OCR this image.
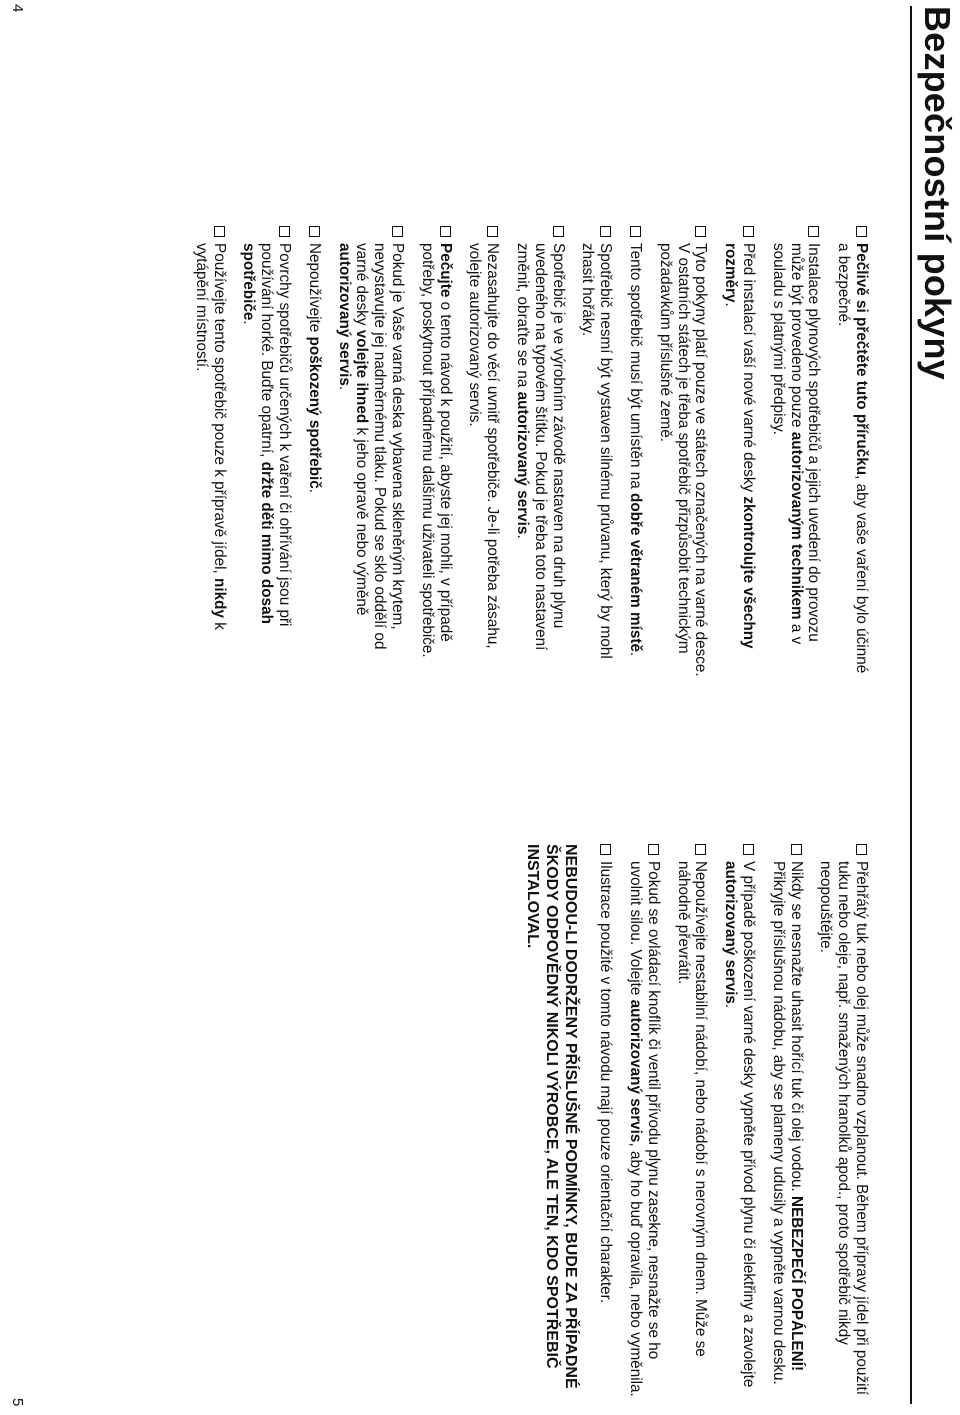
4
5
Bezpečnostní pokyny
Pečlivě si přečtěte tuto příručku, aby vaše vaření bylo účinné a bezpečné.
Instalace plynových spotřebičů a jejich uvedení do provozu může být provedeno pouze autorizovaným technikem a v souladu s platnými předpisy.
Před instalací vaší nové varné desky zkontrolujte všechny rozměry.
Tyto pokyny platí pouze ve státech označených na varné desce. V ostatních státech je třeba spotřebič přizpůsobit technickým požadavkům příslušné země.
Tento spotřebič musí být umístěn na dobře větraném místě.
Spotřebič nesmí být vystaven silnému průvanu, který by mohl zhasit hořáky.
Spotřebič je ve výrobním závodě nastaven na druh plynu uvedeného na typovém štítku. Pokud je třeba toto nastavení změnit, obraťte se na autorizovaný servis.
Nezasahujte do věcí uvnitř spotřebiče. Je-li potřeba zásahu, volejte autorizovaný servis.
Pečujte o tento návod k použití, abyste jej mohli, v případě potřeby, poskytnout případnému dalšímu uživateli spotřebiče.
Pokud je Vaše varná deska vybavena skleněným krytem, nevystavujte jej nadměrnému tlaku. Pokud se sklo oddělí od varné desky volejte ihned k jeho opravě nebo výměně autorizovaný servis.
Nepoužívejte poškozený spotřebič.
Povrchy spotřebičů určených k vaření či ohřívání jsou při používání horké. Buďte opatrní, držte děti mimo dosah spotřebiče.
Používejte tento spotřebič pouze k přípravě jídel, nikdy k vytápění místností.
Přehřátý tuk nebo olej může snadno vzplanout. Během přípravy jídel při použití tuku nebo oleje, např. smažených hranolků apod., proto spotřebič nikdy neopouštějte.
Nikdy se nesnažte uhasit hořící tuk či olej vodou. NEBEZPEČÍ POPÁLENÍ! Přikryjte příslušnou nádobu, aby se plameny udusily a vypněte varnou desku.
V případě poškození varné desky vypněte přívod plynu či elektřiny a zavolejte autorizovaný servis.
Nepoužívejte nestabilní nádobí, nebo nádobí s nerovným dnem. Může se náhodně převrátit.
Pokud se ovládací knoflík či ventil přívodu plynu zasekne, nesnažte se ho uvolnit silou. Volejte autorizovaný servis, aby ho buď opravila, nebo vyměnila.
Ilustrace použité v tomto návodu mají pouze orientační charakter.
NEBUDOU-LI DODRŽENY PŘÍSLUŠNÉ PODMÍNKY, BUDE ZA PŘÍPADNÉ ŠKODY ODPOVĚDNÝ NIKOLI VÝROBCE, ALE TEN, KDO SPOTŘEBIČ INSTALOVAL.
